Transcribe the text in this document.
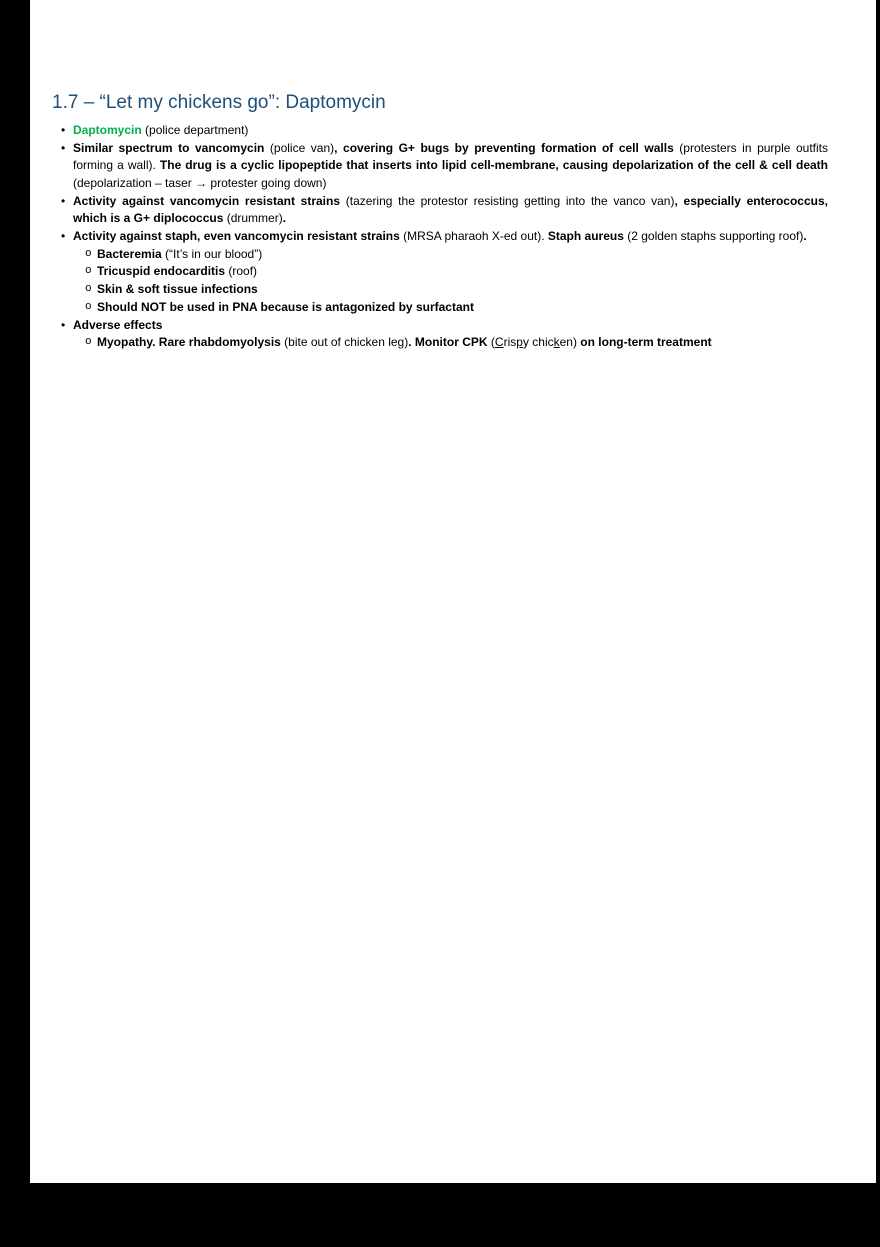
1.7 – “Let my chickens go”: Daptomycin
• Daptomycin (police department)
• Similar spectrum to vancomycin (police van), covering G+ bugs by preventing formation of cell walls (protesters in purple outfits forming a wall). The drug is a cyclic lipopeptide that inserts into lipid cell-membrane, causing depolarization of the cell & cell death (depolarization – taser → protester going down)
• Activity against vancomycin resistant strains (tazering the protestor resisting getting into the vanco van), especially enterococcus, which is a G+ diplococcus (drummer).
• Activity against staph, even vancomycin resistant strains (MRSA pharaoh X-ed out). Staph aureus (2 golden staphs supporting roof).
o Bacteremia (“It’s in our blood”)
o Tricuspid endocarditis (roof)
o Skin & soft tissue infections
o Should NOT be used in PNA because is antagonized by surfactant
• Adverse effects
o Myopathy. Rare rhabdomyolysis (bite out of chicken leg). Monitor CPK (Crispy chicken) on long-term treatment
